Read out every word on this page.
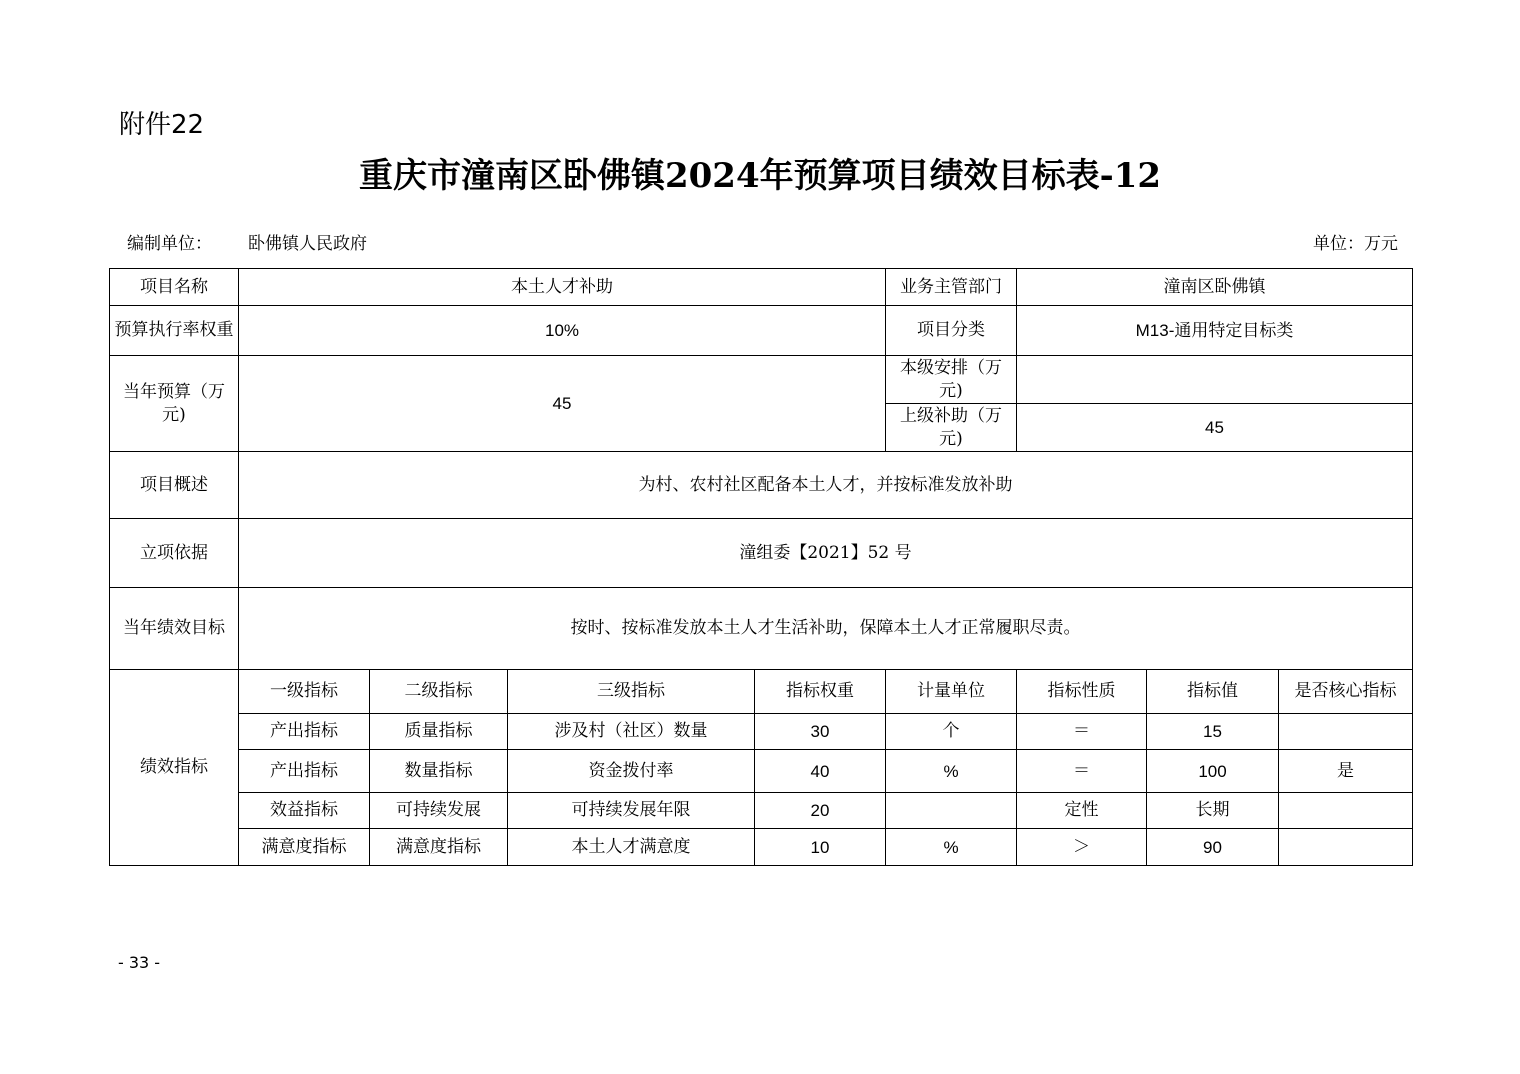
附件22
重庆市潼南区卧佛镇2024年预算项目绩效目标表-12
编制单位： 卧佛镇人民政府	单位：万元
项目名称	本土人才补助				业务主管部门	潼南区卧佛镇		
预算执行率权重	10%				项目分类	M13-通用特定目标类		
当年预算（万元)	45				本级安排（万元)			
					上级补助（万元)	45		
项目概述	为村、农村社区配备本土人才，并按标准发放补助							
立项依据	潼组委【2021】52 号							
当年绩效目标	按时、按标准发放本土人才生活补助，保障本土人才正常履职尽责。							
绩效指标	一级指标	二级指标	三级指标	指标权重	计量单位	指标性质	指标值	是否核心指标
	产出指标	质量指标	涉及村（社区）数量	30	个	＝	15	
	产出指标	数量指标	资金拨付率	40	%	＝	100	是
	效益指标	可持续发展	可持续发展年限	20		定性	长期	
	满意度指标	满意度指标	本土人才满意度	10	%	＞	90	
- 33 -
